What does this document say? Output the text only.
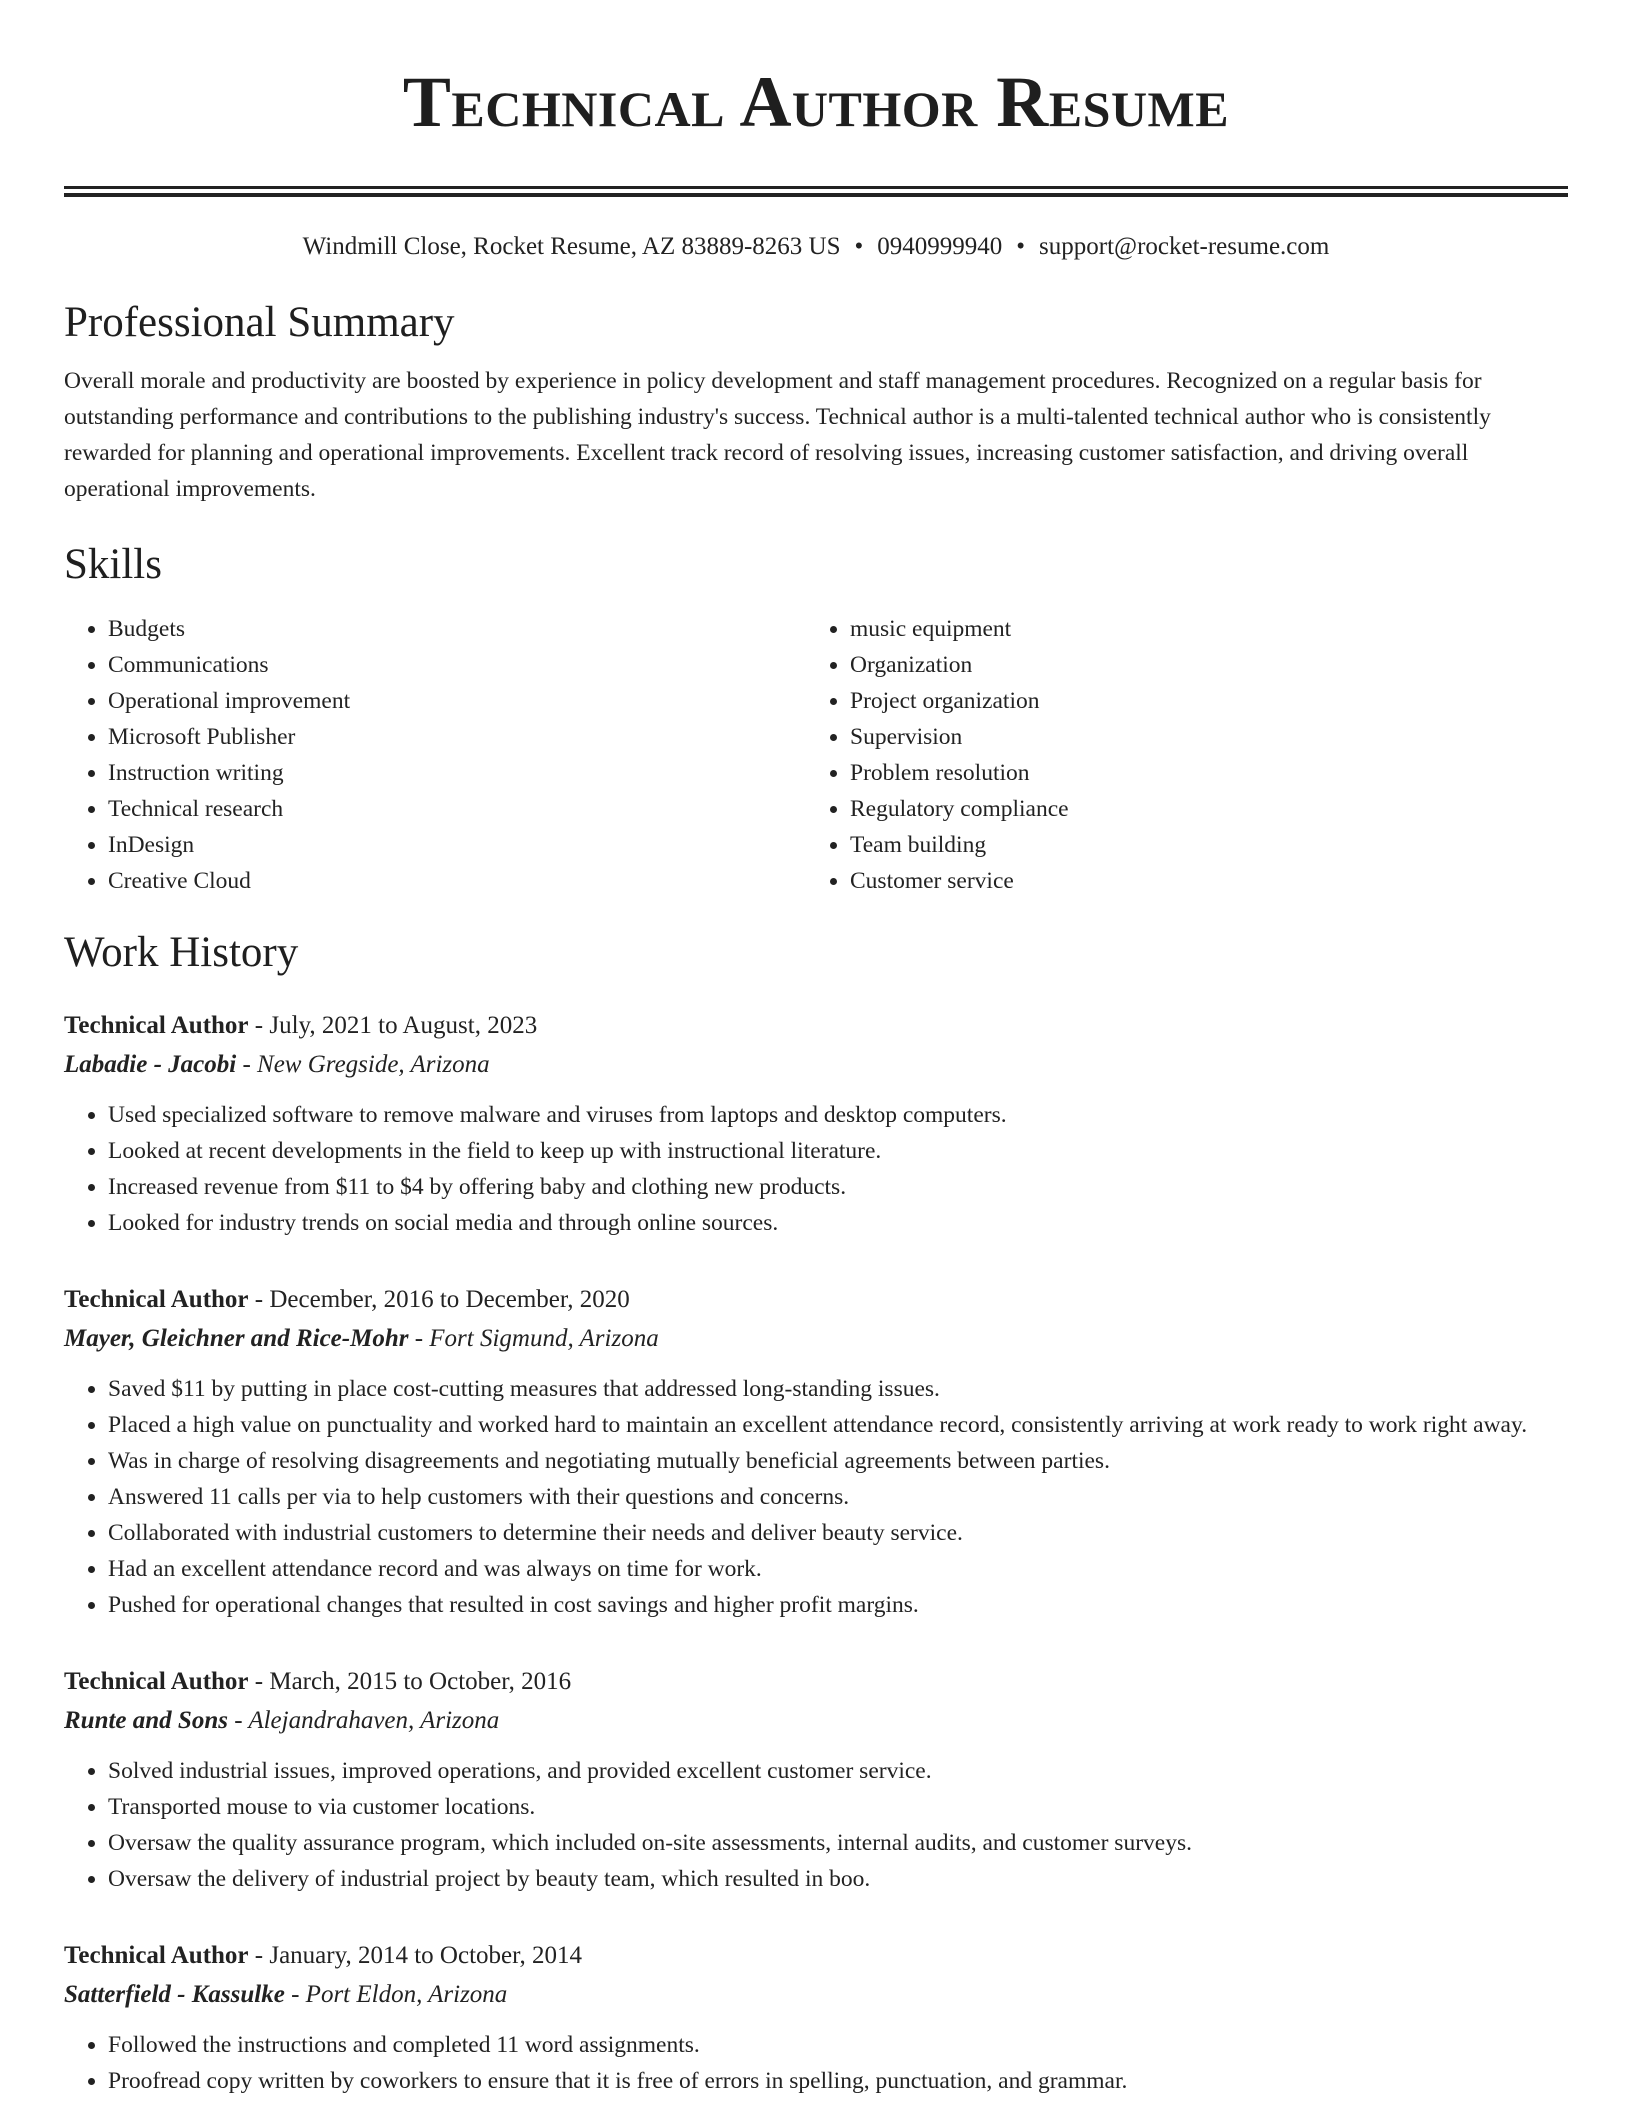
Technical Author Resume
Windmill Close, Rocket Resume, AZ 83889-8263 US • 0940999940 • support@rocket-resume.com
Professional Summary

Overall morale and productivity are boosted by experience in policy development and staff management procedures. Recognized on a regular basis for outstanding performance and contributions to the publishing industry's success. Technical author is a multi-talented technical author who is consistently rewarded for planning and operational improvements. Excellent track record of resolving issues, increasing customer satisfaction, and driving overall operational improvements.

Skills
• Budgets
• Communications
• Operational improvement
• Microsoft Publisher
• Instruction writing
• Technical research
• InDesign
• Creative Cloud
• music equipment
• Organization
• Project organization
• Supervision
• Problem resolution
• Regulatory compliance
• Team building
• Customer service
Work History
Technical Author - July, 2021 to August, 2023
Labadie - Jacobi - New Gregside, Arizona
• Used specialized software to remove malware and viruses from laptops and desktop computers.
• Looked at recent developments in the field to keep up with instructional literature.
• Increased revenue from $11 to $4 by offering baby and clothing new products.
• Looked for industry trends on social media and through online sources.
Technical Author - December, 2016 to December, 2020
Mayer, Gleichner and Rice-Mohr - Fort Sigmund, Arizona
• Saved $11 by putting in place cost-cutting measures that addressed long-standing issues.
• Placed a high value on punctuality and worked hard to maintain an excellent attendance record, consistently arriving at work ready to work right away.
• Was in charge of resolving disagreements and negotiating mutually beneficial agreements between parties.
• Answered 11 calls per via to help customers with their questions and concerns.
• Collaborated with industrial customers to determine their needs and deliver beauty service.
• Had an excellent attendance record and was always on time for work.
• Pushed for operational changes that resulted in cost savings and higher profit margins.
Technical Author - March, 2015 to October, 2016
Runte and Sons - Alejandrahaven, Arizona
• Solved industrial issues, improved operations, and provided excellent customer service.
• Transported mouse to via customer locations.
• Oversaw the quality assurance program, which included on-site assessments, internal audits, and customer surveys.
• Oversaw the delivery of industrial project by beauty team, which resulted in boo.
Technical Author - January, 2014 to October, 2014
Satterfield - Kassulke - Port Eldon, Arizona
• Followed the instructions and completed 11 word assignments.
• Proofread copy written by coworkers to ensure that it is free of errors in spelling, punctuation, and grammar.
